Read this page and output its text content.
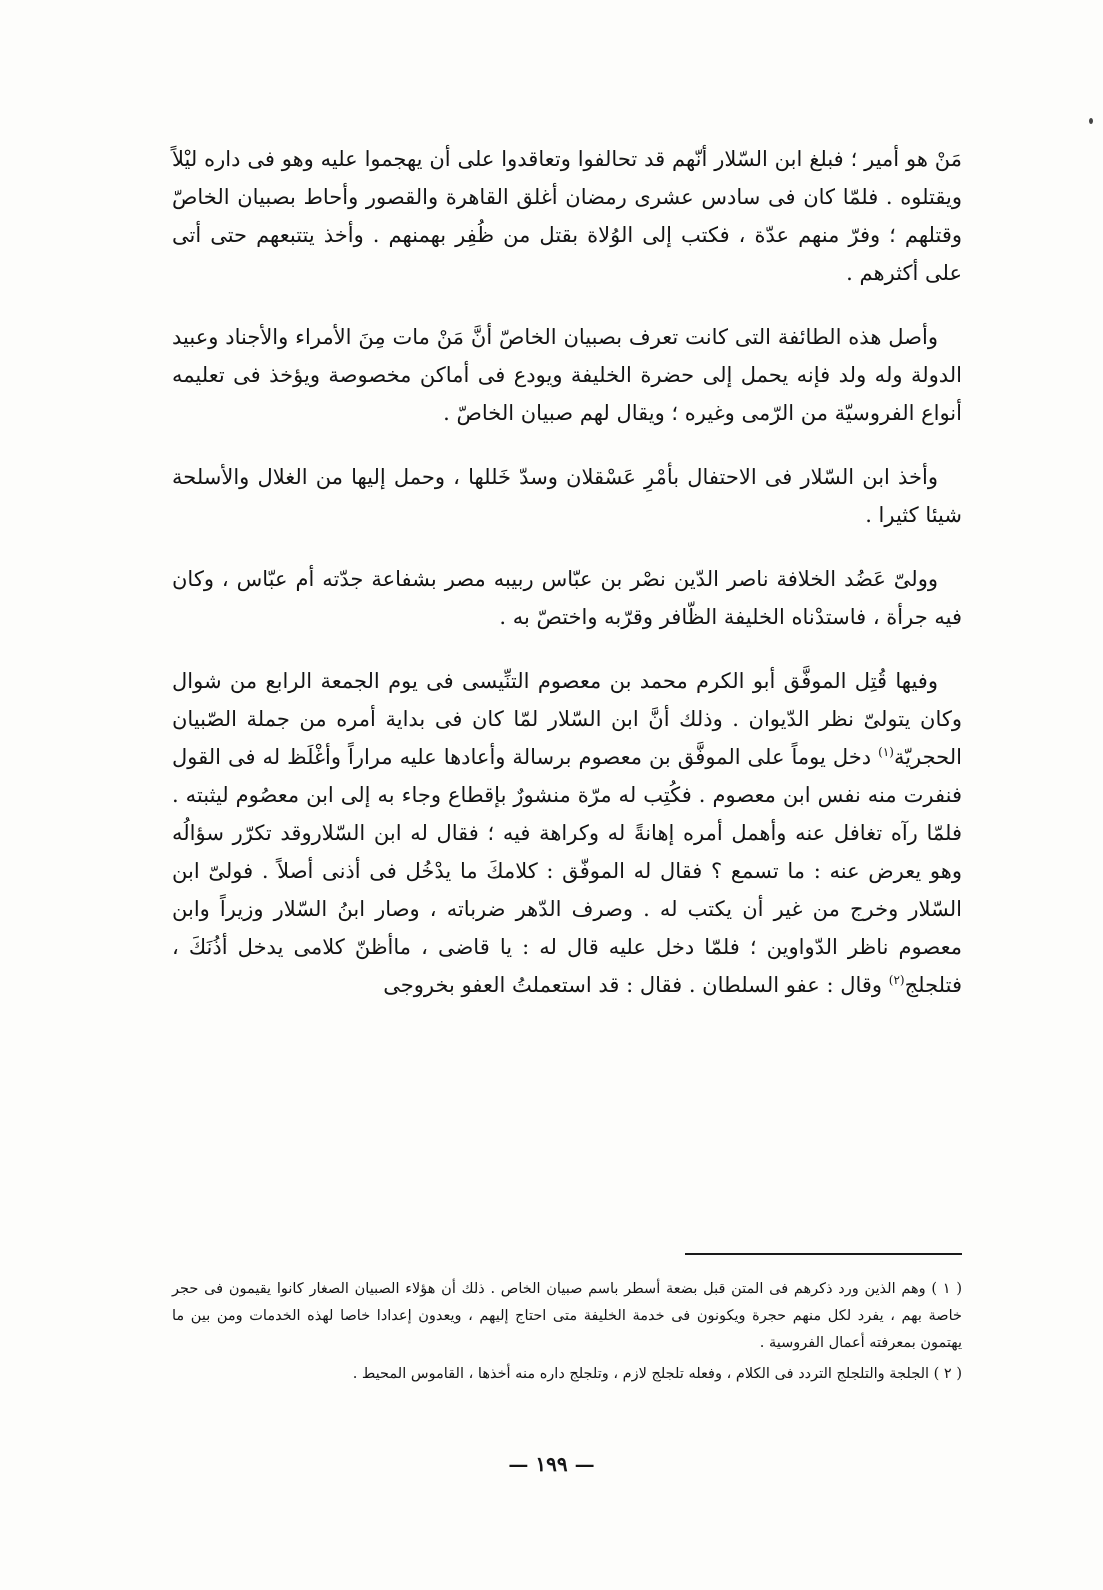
مَنْ هو أمير ؛ فبلغ ابن السّلار أنّهم قد تحالفوا وتعاقدوا على أن يهجموا عليه وهو فى داره ليْلاً ويقتلوه . فلمّا كان فى سادس عشرى رمضان أغلق القاهرة والقصور وأحاط بصبيان الخاصّ وقتلهم ؛ وفرّ منهم عدّة ، فكتب إلى الوُلاة بقتل من ظُفِر بهمنهم . وأخذ يتتبعهم حتى أتى على أكثرهم .

وأصل هذه الطائفة التى كانت تعرف بصبيان الخاصّ أنَّ مَنْ مات مِنَ الأمراء والأجناد وعبيد الدولة وله ولد فإنه يحمل إلى حضرة الخليفة ويودع فى أماكن مخصوصة ويؤخذ فى تعليمه أنواع الفروسيّة من الرّمى وغيره ؛ ويقال لهم صبيان الخاصّ .

وأخذ ابن السّلار فى الاحتفال بأمْرِ عَسْقلان وسدّ خَللها ، وحمل إليها من الغلال والأسلحة شيئا كثيرا .

وولىّ عَضُد الخلافة ناصر الدّين نصْر بن عبّاس ربيبه مصر بشفاعة جدّته أم عبّاس ، وكان فيه جرأة ، فاستدْناه الخليفة الظّافر وقرّبه واختصّ به .

وفيها قُتِل الموفَّق أبو الكرم محمد بن معصوم التنِّيسى فى يوم الجمعة الرابع من شوال وكان يتولىّ نظر الدّيوان . وذلك أنَّ ابن السّلار لمّا كان فى بداية أمره من جملة الصّبيان الحجريّة$^{(١)}$ دخل يوماً على الموفَّق بن معصوم برسالة وأعادها عليه مراراً وأغْلَظ له فى القول فنفرت منه نفس ابن معصوم . فكُتِب له مرّة منشورٌ بإقطاع وجاء به إلى ابن معصُوم ليثبته . فلمّا رآه تغافل عنه وأهمل أمره إهانةً له وكراهة فيه ؛ فقال له ابن السّلاروقد تكرّر سؤالُه وهو يعرض عنه : ما تسمع ؟ فقال له الموفّق : كلامكَ ما يدْخُل فى أذنى أصلاً . فولىّ ابن السّلار وخرج من غير أن يكتب له . وصرف الدّهر ضرباته ، وصار ابنُ السّلار وزيراً وابن معصوم ناظر الدّواوين ؛ فلمّا دخل عليه قال له : يا قاضى ، ماأظنّ كلامى يدخل أذُنَكَ ، فتلجلج$^{(٢)}$ وقال : عفو السلطان . فقال : قد استعملتُ العفو بخروجى

( ١ ) وهم الذين ورد ذكرهم فى المتن قبل بضعة أسطر باسم صبيان الخاص . ذلك أن هؤلاء الصبيان الصغار كانوا يقيمون فى حجر خاصة بهم ، يفرد لكل منهم حجرة ويكونون فى خدمة الخليفة متى احتاج إليهم ، ويعدون إعدادا خاصا لهذه الخدمات ومن بين ما يهتمون بمعرفته أعمال الفروسية .

( ٢ ) الجلجة والتلجلج التردد فى الكلام ، وفعله تلجلج لازم ، وتلجلج داره منه أخذها ، القاموس المحيط .

— ١٩٩ —
